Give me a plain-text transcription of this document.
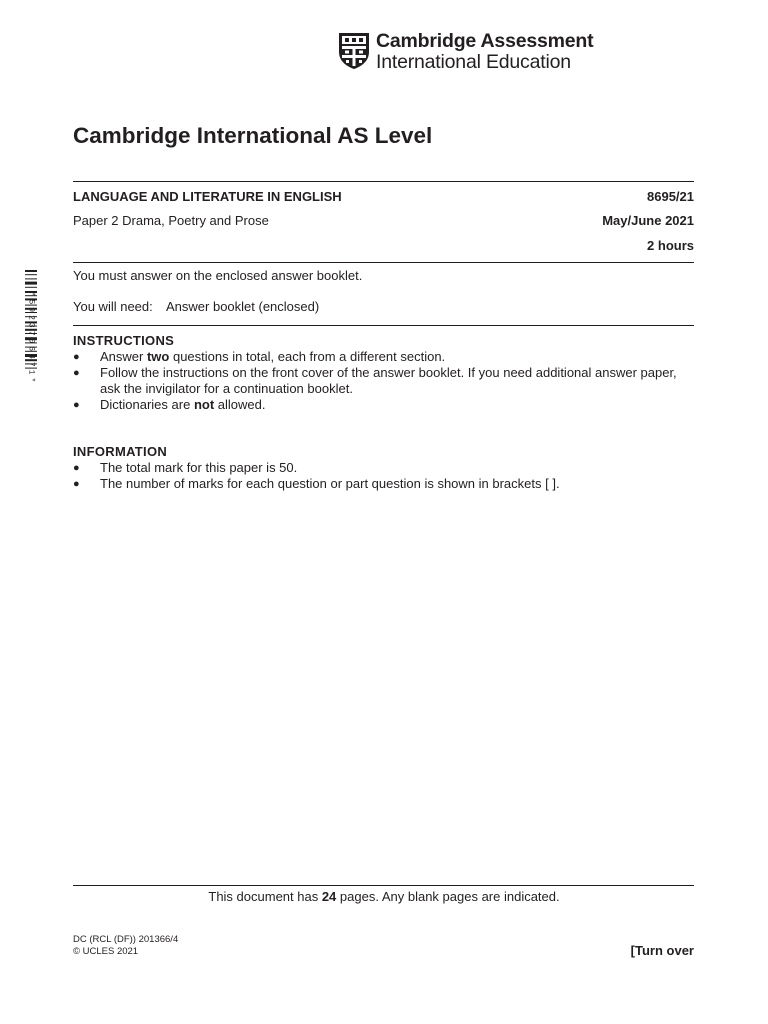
Cambridge Assessment
International Education
Cambridge International AS Level
LANGUAGE AND LITERATURE IN ENGLISH	8695/21
Paper 2 Drama, Poetry and Prose	May/June 2021
2 hours
*5923706471*
You must answer on the enclosed answer booklet.
You will need: Answer booklet (enclosed)
INSTRUCTIONS
● Answer two questions in total, each from a different section.
● Follow the instructions on the front cover of the answer booklet. If you need additional answer paper,
ask the invigilator for a continuation booklet.
● Dictionaries are not allowed.
INFORMATION
● The total mark for this paper is 50.
● The number of marks for each question or part question is shown in brackets [ ].
This document has 24 pages. Any blank pages are indicated.
DC (RCL (DF)) 201366/4
© UCLES 2021	[Turn over
